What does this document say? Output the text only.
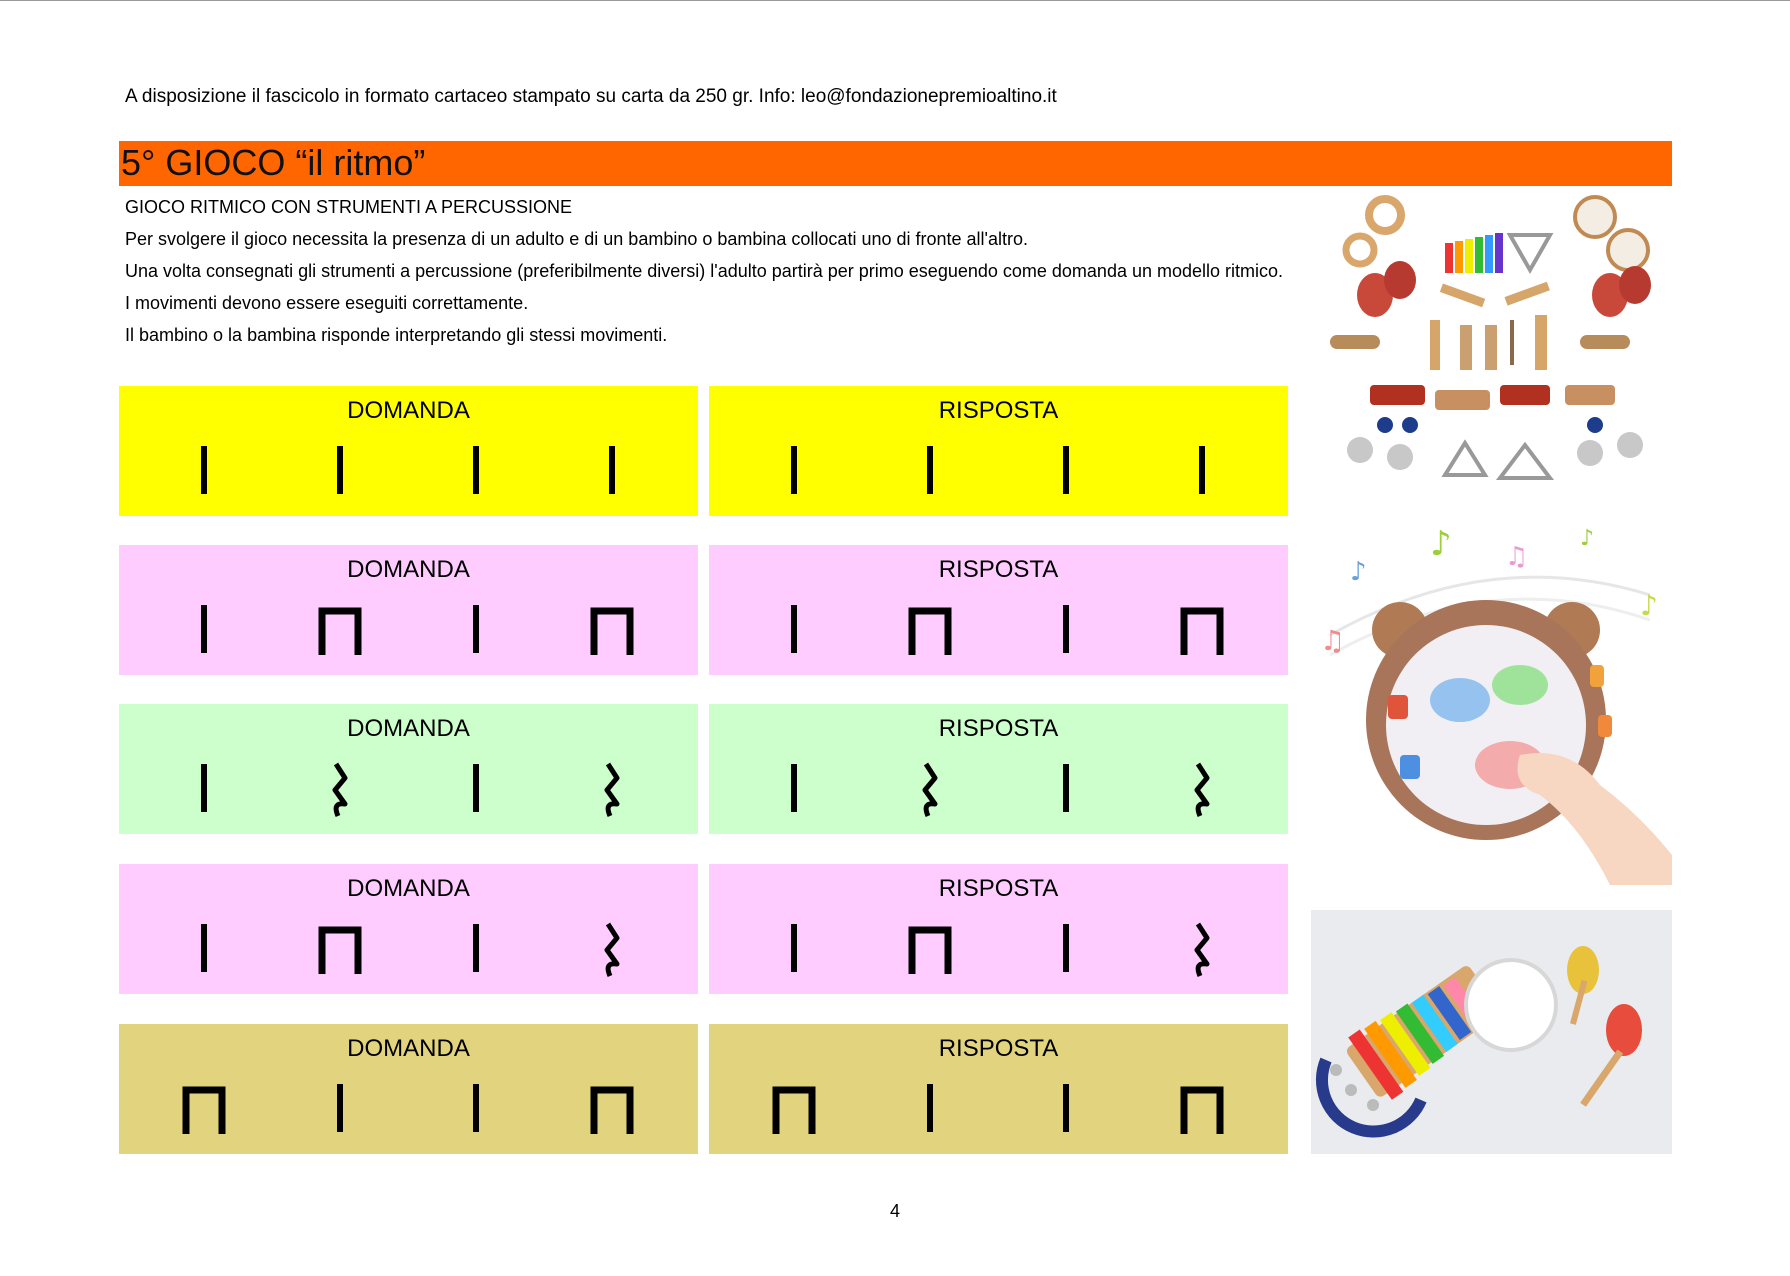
A disposizione il fascicolo in formato cartaceo stampato su carta da 250 gr. Info: leo@fondazionepremioaltino.it
5° GIOCO “il ritmo”

GIOCO RITMICO CON STRUMENTI A PERCUSSIONE

Per svolgere il gioco necessita la presenza di un adulto e di un bambino o bambina collocati uno di fronte all'altro.

Una volta consegnati gli strumenti a percussione (preferibilmente diversi) l'adulto partirà per primo eseguendo come domanda un modello ritmico.

I movimenti devono essere eseguiti correttamente.

Il bambino o la bambina risponde interpretando gli stessi movimenti.

DOMANDA	RISPOSTA
DOMANDA	RISPOSTA
DOMANDA	RISPOSTA
DOMANDA	RISPOSTA
DOMANDA	RISPOSTA
♪
♪ ♫
♫
♪
♪
4
